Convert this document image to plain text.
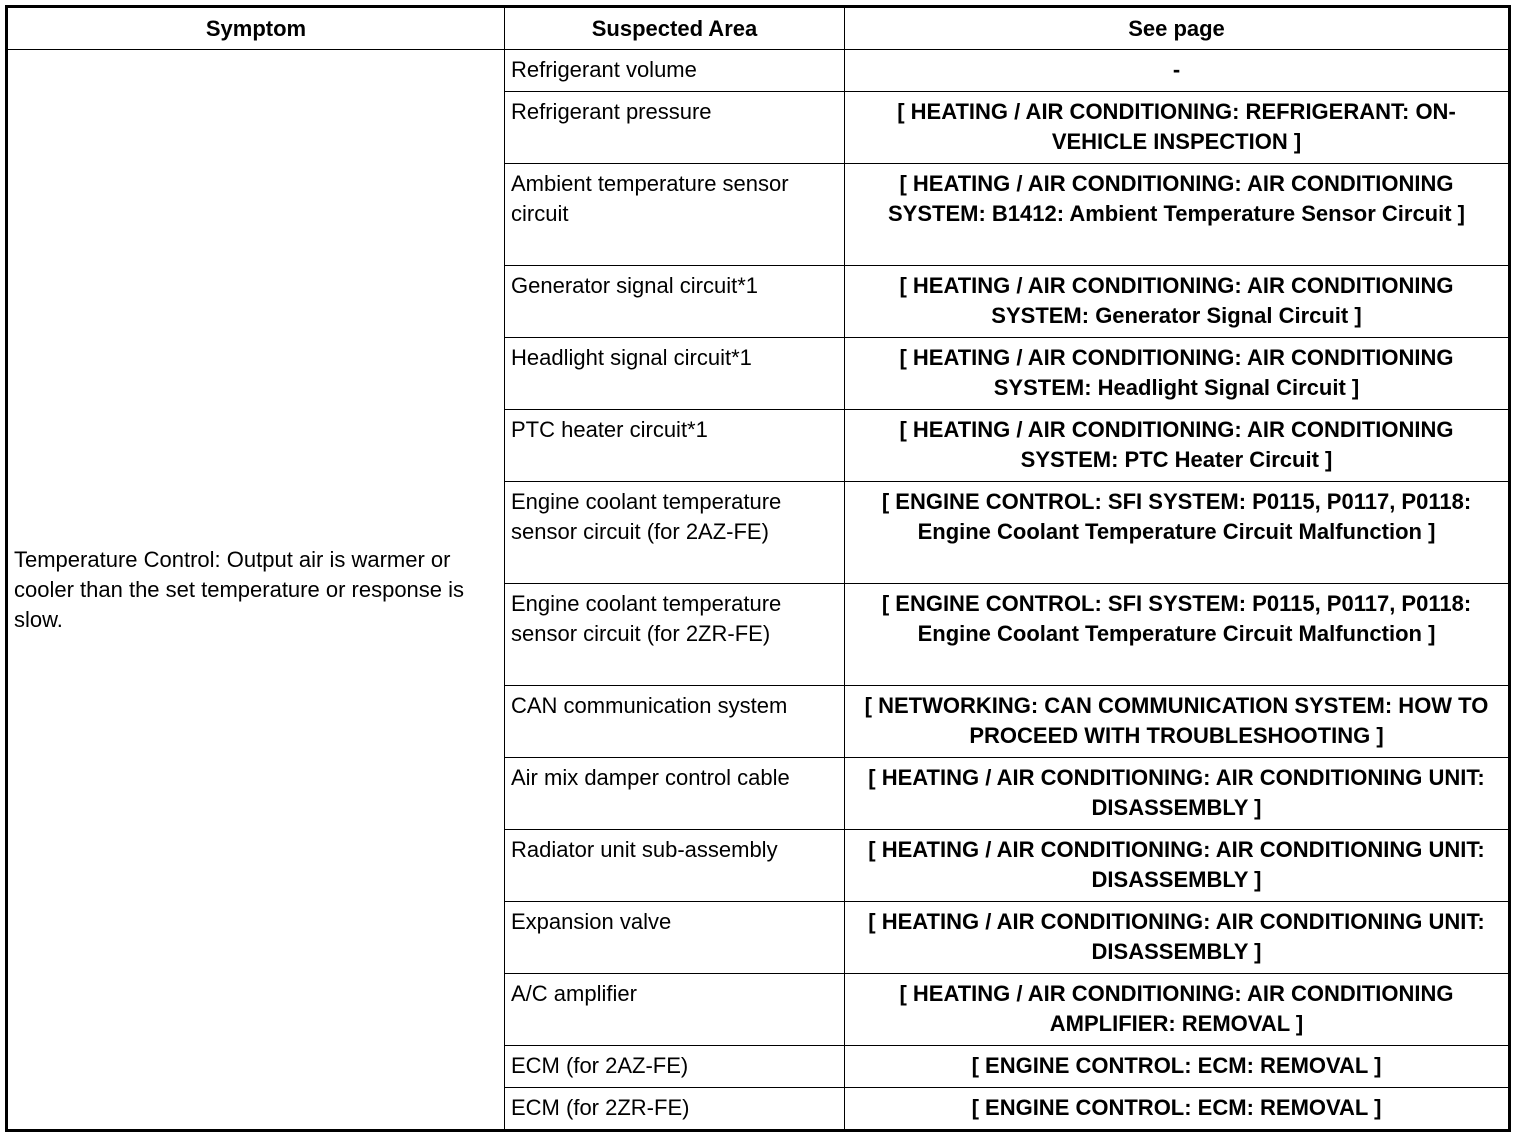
Symptom	Suspected Area	See page
Temperature Control: Output air is warmer or cooler than the set temperature or response is slow.	Refrigerant volume	-
	Refrigerant pressure	[ HEATING / AIR CONDITIONING: REFRIGERANT: ON-VEHICLE INSPECTION ]
	Ambient temperature sensor circuit	[ HEATING / AIR CONDITIONING: AIR CONDITIONING SYSTEM: B1412: Ambient Temperature Sensor Circuit ]
	Generator signal circuit*1	[ HEATING / AIR CONDITIONING: AIR CONDITIONING SYSTEM: Generator Signal Circuit ]
	Headlight signal circuit*1	[ HEATING / AIR CONDITIONING: AIR CONDITIONING SYSTEM: Headlight Signal Circuit ]
	PTC heater circuit*1	[ HEATING / AIR CONDITIONING: AIR CONDITIONING SYSTEM: PTC Heater Circuit ]
	Engine coolant temperature sensor circuit (for 2AZ-FE)	[ ENGINE CONTROL: SFI SYSTEM: P0115, P0117, P0118: Engine Coolant Temperature Circuit Malfunction ]
	Engine coolant temperature sensor circuit (for 2ZR-FE)	[ ENGINE CONTROL: SFI SYSTEM: P0115, P0117, P0118: Engine Coolant Temperature Circuit Malfunction ]
	CAN communication system	[ NETWORKING: CAN COMMUNICATION SYSTEM: HOW TO PROCEED WITH TROUBLESHOOTING ]
	Air mix damper control cable	[ HEATING / AIR CONDITIONING: AIR CONDITIONING UNIT: DISASSEMBLY ]
	Radiator unit sub-assembly	[ HEATING / AIR CONDITIONING: AIR CONDITIONING UNIT: DISASSEMBLY ]
	Expansion valve	[ HEATING / AIR CONDITIONING: AIR CONDITIONING UNIT: DISASSEMBLY ]
	A/C amplifier	[ HEATING / AIR CONDITIONING: AIR CONDITIONING AMPLIFIER: REMOVAL ]
	ECM (for 2AZ-FE)	[ ENGINE CONTROL: ECM: REMOVAL ]
	ECM (for 2ZR-FE)	[ ENGINE CONTROL: ECM: REMOVAL ]
